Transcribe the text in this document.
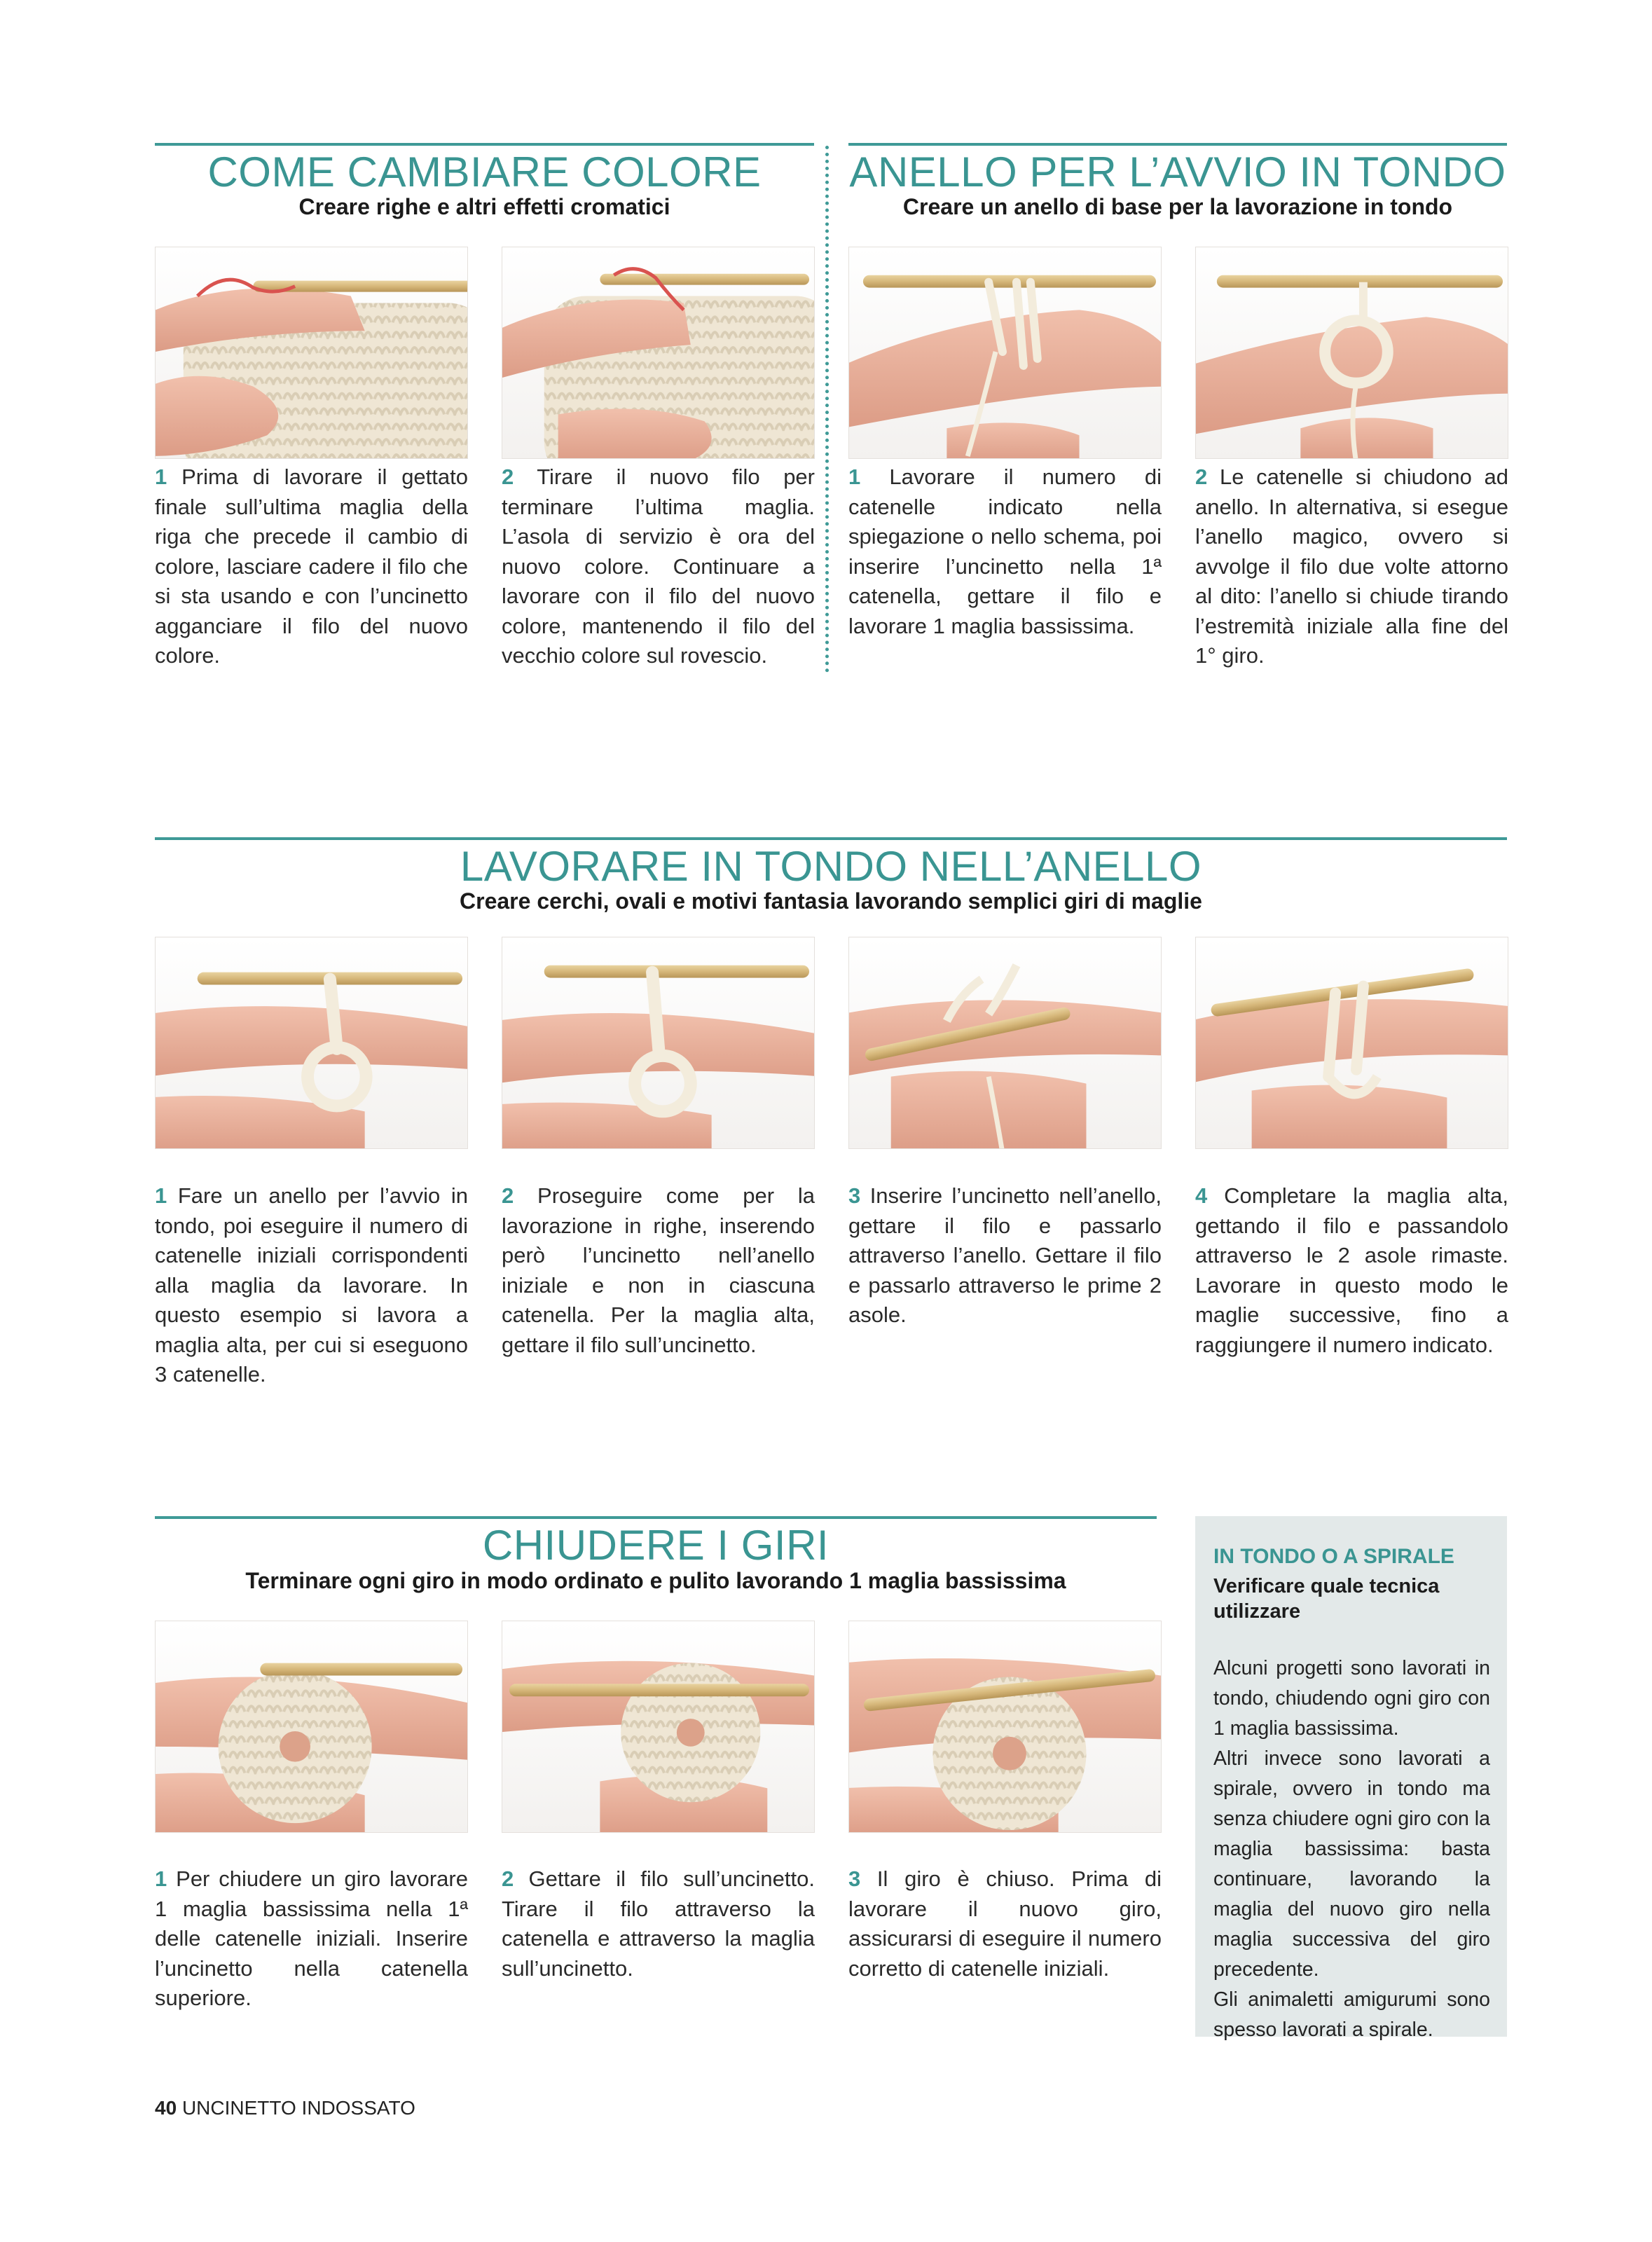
COME CAMBIARE COLORE
Creare righe e altri effetti cromatici
1 Prima di lavorare il gettato finale sull’ultima maglia della riga che precede il cambio di colore, lasciare cadere il filo che si sta usando e con l’uncinetto agganciare il filo del nuovo colore.
2 Tirare il nuovo filo per terminare l’ultima maglia. L’asola di servizio è ora del nuovo colore. Continuare a lavorare con il filo del nuovo colore, mantenendo il filo del vecchio colore sul rovescio.
ANELLO PER L’AVVIO IN TONDO
Creare un anello di base per la lavorazione in tondo
1 Lavorare il numero di catenelle indicato nella spiegazione o nello schema, poi inserire l’uncinetto nella 1ª catenella, gettare il filo e lavorare 1 maglia bassissima.
2 Le catenelle si chiudono ad anello. In alternativa, si esegue l’anello magico, ovvero si avvolge il filo due volte attorno al dito: l’anello si chiude tirando l’estremità iniziale alla fine del 1° giro.
LAVORARE IN TONDO NELL’ANELLO
Creare cerchi, ovali e motivi fantasia lavorando semplici giri di maglie
1 Fare un anello per l’avvio in tondo, poi eseguire il numero di catenelle iniziali corrispondenti alla maglia da lavorare. In questo esempio si lavora a maglia alta, per cui si eseguono 3 catenelle.
2 Proseguire come per la lavorazione in righe, inserendo però l’uncinetto nell’anello iniziale e non in ciascuna catenella. Per la maglia alta, gettare il filo sull’uncinetto.
3 Inserire l’uncinetto nell’anello, gettare il filo e passarlo attraverso l’anello. Gettare il filo e passarlo attraverso le prime 2 asole.
4 Completare la maglia alta, gettando il filo e passandolo attraverso le 2 asole rimaste. Lavorare in questo modo le maglie successive, fino a raggiungere il numero indicato.
CHIUDERE I GIRI
Terminare ogni giro in modo ordinato e pulito lavorando 1 maglia bassissima
1 Per chiudere un giro lavorare 1 maglia bassissima nella 1ª delle catenelle iniziali. Inserire l’uncinetto nella catenella superiore.
2 Gettare il filo sull’uncinetto. Tirare il filo attraverso la catenella e attraverso la maglia sull’uncinetto.
3 Il giro è chiuso. Prima di lavorare il nuovo giro, assicurarsi di eseguire il numero corretto di catenelle iniziali.
IN TONDO O A SPIRALE
Verificare quale tecnica utilizzare
Alcuni progetti sono lavorati in tondo, chiudendo ogni giro con 1 maglia bassissima.
Altri invece sono lavorati a spirale, ovvero in tondo ma senza chiudere ogni giro con la maglia bassissima: basta continuare, lavorando la maglia del nuovo giro nella maglia successiva del giro precedente.
Gli animaletti amigurumi sono spesso lavorati a spirale.
40 UNCINETTO INDOSSATO
